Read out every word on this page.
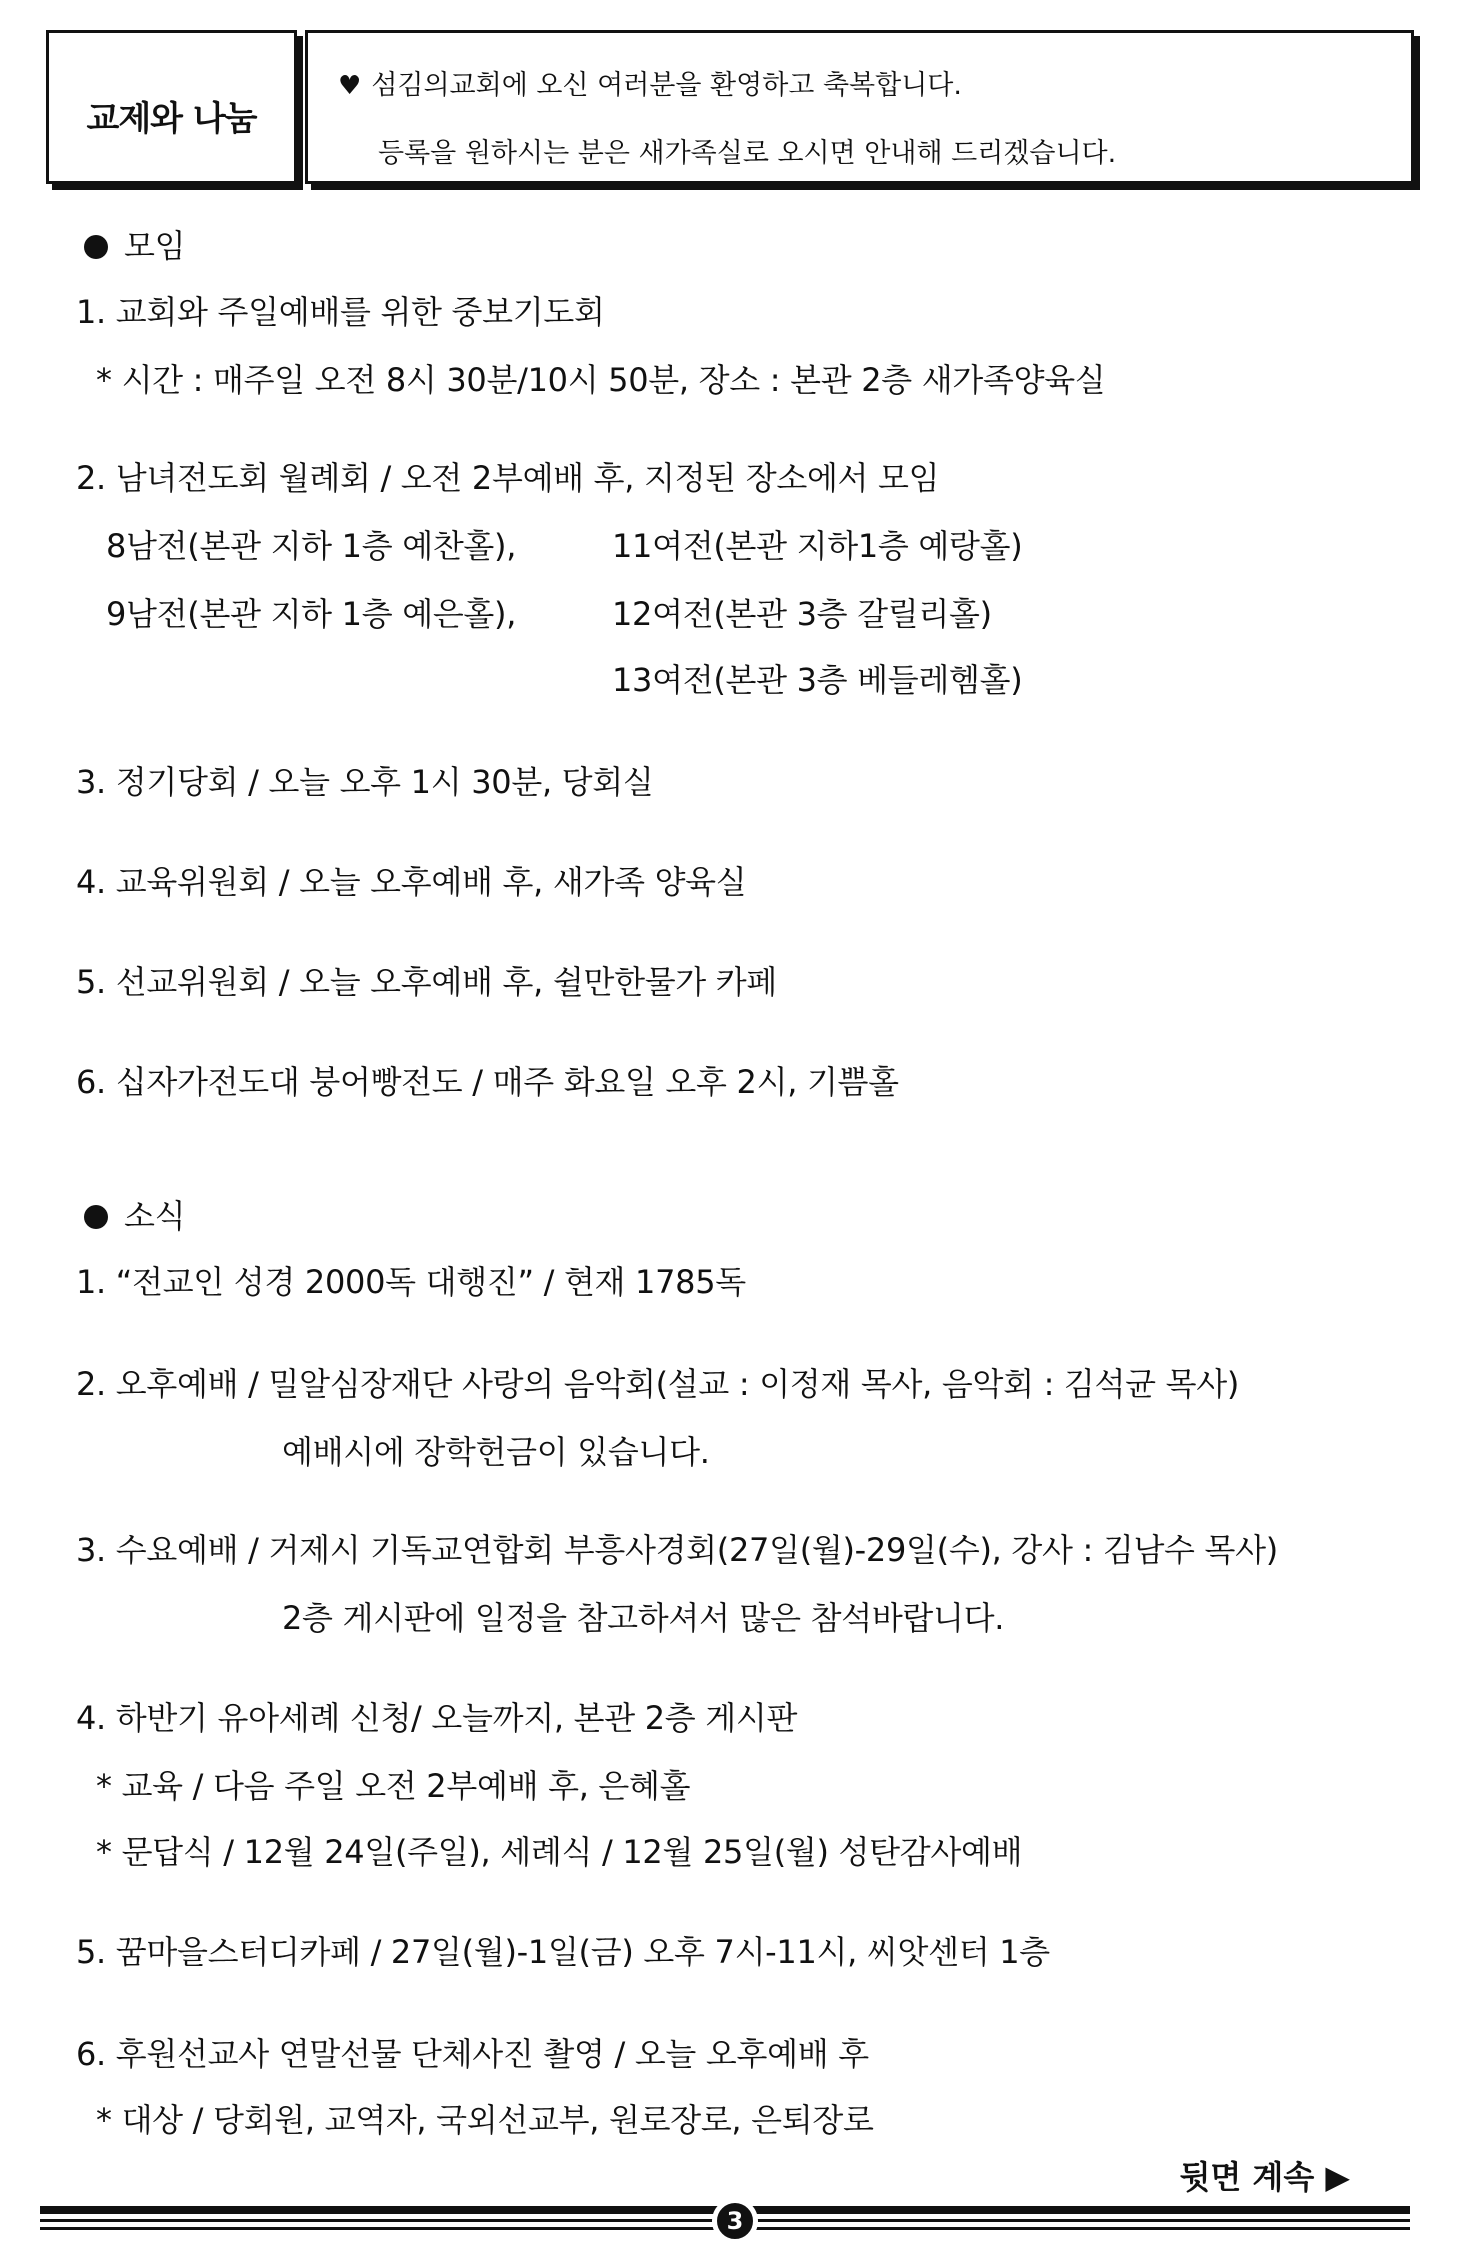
교제와 나눔
♥ 섬김의교회에 오신 여러분을 환영하고 축복합니다.
등록을 원하시는 분은 새가족실로 오시면 안내해 드리겠습니다.
모임
1. 교회와 주일예배를 위한 중보기도회
* 시간 : 매주일 오전 8시 30분/10시 50분, 장소 : 본관 2층 새가족양육실
2. 남녀전도회 월례회 / 오전 2부예배 후, 지정된 장소에서 모임
8남전(본관 지하 1층 예찬홀),	11여전(본관 지하1층 예랑홀)
9남전(본관 지하 1층 예은홀),	12여전(본관 3층 갈릴리홀)
13여전(본관 3층 베들레헴홀)
3. 정기당회 / 오늘 오후 1시 30분, 당회실
4. 교육위원회 / 오늘 오후예배 후, 새가족 양육실
5. 선교위원회 / 오늘 오후예배 후, 쉴만한물가 카페
6. 십자가전도대 붕어빵전도 / 매주 화요일 오후 2시, 기쁨홀
소식
1. “전교인 성경 2000독 대행진” / 현재 1785독
2. 오후예배 / 밀알심장재단 사랑의 음악회(설교 : 이정재 목사, 음악회 : 김석균 목사)
예배시에 장학헌금이 있습니다.
3. 수요예배 / 거제시 기독교연합회 부흥사경회(27일(월)-29일(수), 강사 : 김남수 목사)
2층 게시판에 일정을 참고하셔서 많은 참석바랍니다.
4. 하반기 유아세례 신청/ 오늘까지, 본관 2층 게시판
* 교육 / 다음 주일 오전 2부예배 후, 은혜홀
* 문답식 / 12월 24일(주일), 세례식 / 12월 25일(월) 성탄감사예배
5. 꿈마을스터디카페 / 27일(월)-1일(금) 오후 7시-11시, 씨앗센터 1층
6. 후원선교사 연말선물 단체사진 촬영 / 오늘 오후예배 후
* 대상 / 당회원, 교역자, 국외선교부, 원로장로, 은퇴장로
뒷면 계속 ▶
3
